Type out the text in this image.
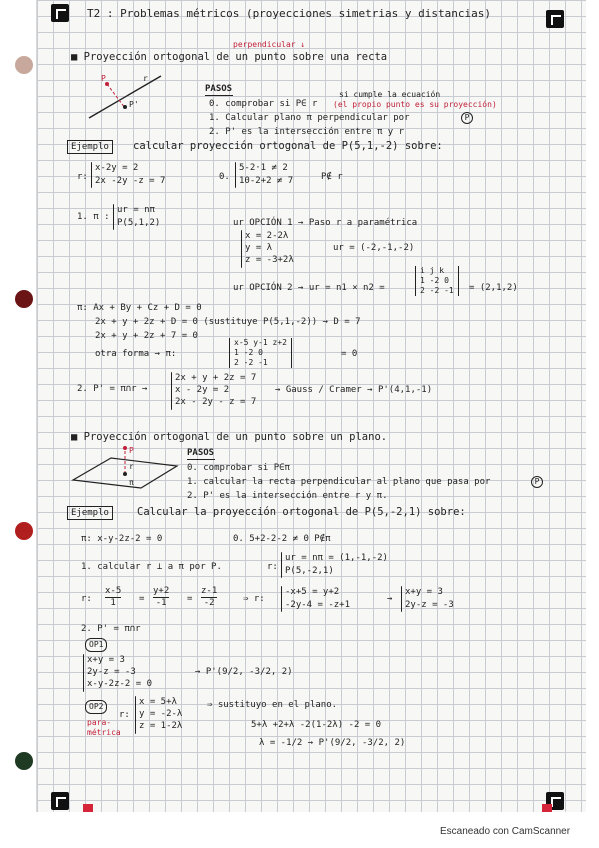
T2 : Problemas métricos (proyecciones simetrias y distancias)
perpendicular ↓
■ Proyección ortogonal de un punto sobre una recta
P
P'
r
PASOS
0. comprobar si P∈ r
si cumple la ecuación
(el propio punto es su proyección)
1. Calcular plano π perpendicular por	P
2. P' es la intersección entre π y r
Ejemplo	calcular proyección ortogonal de P(5,1,-2) sobre:
r:
x-2y = 2
2x -2y -z = 7	0.
5-2·1 ≠ 2
10-2+2 ≠ 7	P∉ r
1. π :
ur = nπ
P(5,1,2)	ur OPCIÓN 1 → Paso r a paramétrica
x = 2-2λ
y = λ
z = -3+2λ
ur = (-2,-1,-2)
ur OPCIÓN 2 → ur = n1 × n2 =
i j k
1 -2 0
2 -2 -1 = (2,1,2)
π: Ax + By + Cz + D = 0
2x + y + 2z + D = 0 (sustituye P(5,1,-2)) → D = 7
2x + y + 2z + 7 = 0
otra forma → π:
x-5 y-1 z+2
1 -2 0
2 -2 -1
= 0
2. P' = π∩r →
2x + y + 2z = 7
x - 2y = 2
2x - 2y - z = 7
→ Gauss / Cramer → P'(4,1,-1)
■ Proyección ortogonal de un punto sobre un plano.
P
r
π
PASOS
0. comprobar si P∈π
1. calcular la recta perpendicular al plano que pasa por	P
2. P' es la intersección entre r y π.
Ejemplo	Calcular la proyección ortogonal de P(5,-2,1) sobre:
π: x-y-2z-2 = 0	0. 5+2-2-2 ≠ 0 P∉π
1. calcular r ⊥ a π por P.	r:
ur = nπ = (1,-1,-2)
P(5,-2,1)
r: $\frac{x-5}{1} = \frac{y+2}{-1} = \frac{z-1}{-2}$	⇒ r:
-x+5 = y+2
-2y-4 = -z+1
→
x+y = 3
2y-z = -3
2. P' = π∩r
OP1
x+y = 3
2y-z = -3
x-y-2z-2 = 0
→ P'(9/2, -3/2, 2)
OP2
r:
x = 5+λ
y = -2-λ
z = 1-2λ
⇒ sustituyo en el plano.
para-métrica
5+λ +2+λ -2(1-2λ) -2 = 0
λ = -1/2 → P'(9/2, -3/2, 2)
Escaneado con CamScanner
